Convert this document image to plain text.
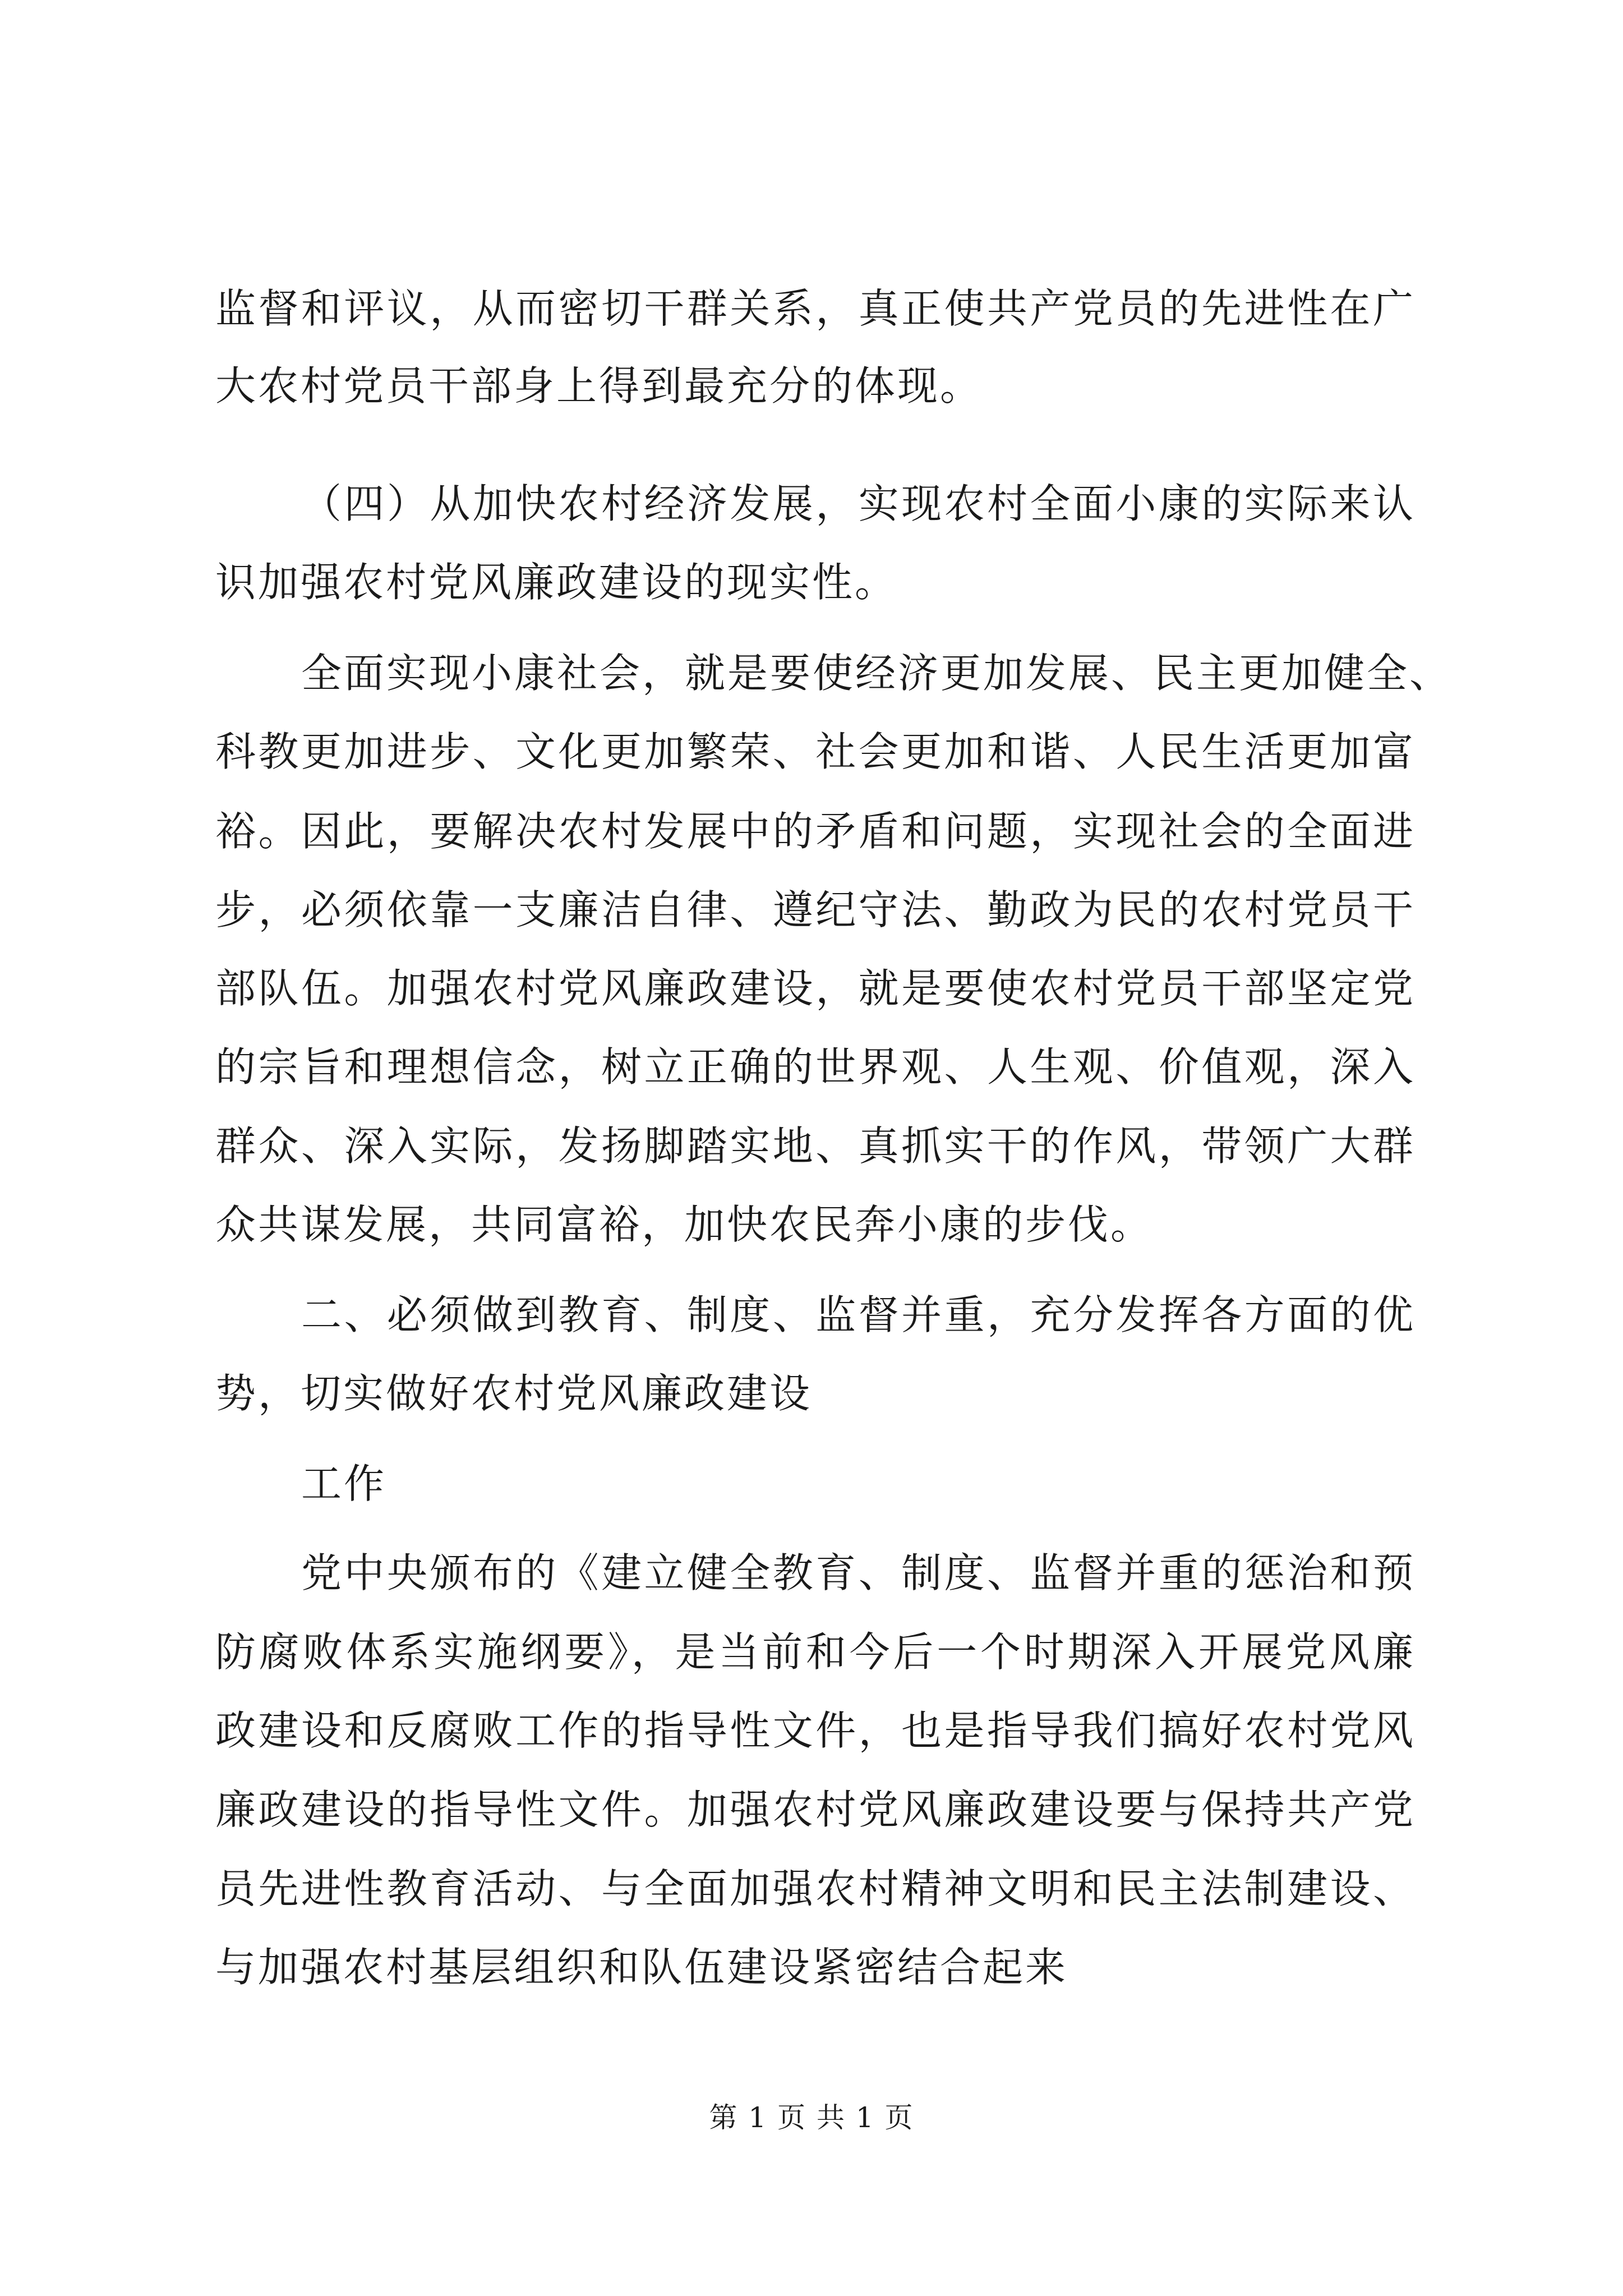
监督和评议，从而密切干群关系，真正使共产党员的先进性在广
大农村党员干部身上得到最充分的体现。
（四）从加快农村经济发展，实现农村全面小康的实际来认
识加强农村党风廉政建设的现实性。
全面实现小康社会，就是要使经济更加发展、民主更加健全、
科教更加进步、文化更加繁荣、社会更加和谐、人民生活更加富
裕。因此，要解决农村发展中的矛盾和问题，实现社会的全面进
步，必须依靠一支廉洁自律、遵纪守法、勤政为民的农村党员干
部队伍。加强农村党风廉政建设，就是要使农村党员干部坚定党
的宗旨和理想信念，树立正确的世界观、人生观、价值观，深入
群众、深入实际，发扬脚踏实地、真抓实干的作风，带领广大群
众共谋发展，共同富裕，加快农民奔小康的步伐。
二、必须做到教育、制度、监督并重，充分发挥各方面的优
势，切实做好农村党风廉政建设
工作
党中央颁布的《建立健全教育、制度、监督并重的惩治和预
防腐败体系实施纲要》，是当前和今后一个时期深入开展党风廉
政建设和反腐败工作的指导性文件，也是指导我们搞好农村党风
廉政建设的指导性文件。加强农村党风廉政建设要与保持共产党
员先进性教育活动、与全面加强农村精神文明和民主法制建设、
与加强农村基层组织和队伍建设紧密结合起来
第 1 页 共 1 页
